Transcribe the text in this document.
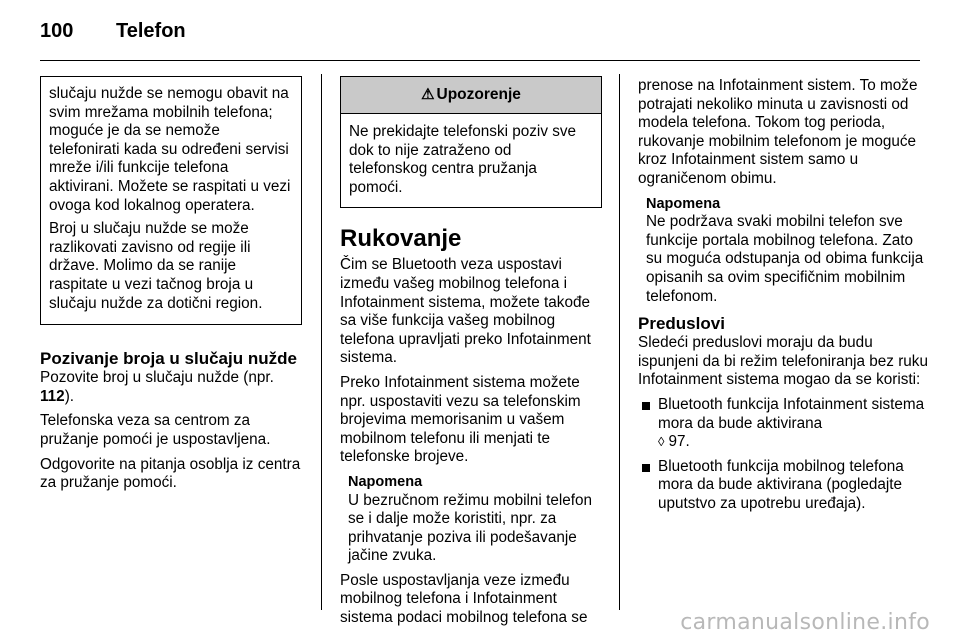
100 Telefon

slučaju nužde se nemogu obavit na svim mrežama mobilnih telefona; moguće je da se nemože telefonirati kada su određeni servisi mreže i/ili funkcije telefona aktivirani. Možete se raspitati u vezi ovoga kod lokalnog operatera.

Broj u slučaju nužde se može razlikovati zavisno od regije ili države. Molimo da se ranije raspitate u vezi tačnog broja u slučaju nužde za dotični region.

Pozivanje broja u slučaju nužde

Pozovite broj u slučaju nužde (npr. 112).

Telefonska veza sa centrom za pružanje pomoći je uspostavljena.

Odgovorite na pitanja osoblja iz centra za pružanje pomoći.

⚠ Upozorenje
Ne prekidajte telefonski poziv sve dok to nije zatraženo od telefonskog centra pružanja pomoći.
Rukovanje

Čim se Bluetooth veza uspostavi između vašeg mobilnog telefona i Infotainment sistema, možete takođe sa više funkcija vašeg mobilnog telefona upravljati preko Infotainment sistema.

Preko Infotainment sistema možete npr. uspostaviti vezu sa telefonskim brojevima memorisanim u vašem mobilnom telefonu ili menjati te telefonske brojeve.

Napomena
U bezručnom režimu mobilni telefon se i dalje može koristiti, npr. za prihvatanje poziva ili podešavanje jačine zvuka.

Posle uspostavljanja veze između mobilnog telefona i Infotainment sistema podaci mobilnog telefona se

prenose na Infotainment sistem. To može potrajati nekoliko minuta u zavisnosti od modela telefona. Tokom tog perioda, rukovanje mobilnim telefonom je moguće kroz Infotainment sistem samo u ograničenom obimu.

Napomena
Ne podržava svaki mobilni telefon sve funkcije portala mobilnog telefona. Zato su moguća odstupanja od obima funkcija opisanih sa ovim specifičnim mobilnim telefonom.
Preduslovi

Sledeći preduslovi moraju da budu ispunjeni da bi režim telefoniranja bez ruku Infotainment sistema mogao da se koristi:

Bluetooth funkcija Infotainment sistema mora da bude aktivirana
◊ 97.
Bluetooth funkcija mobilnog telefona mora da bude aktivirana (pogledajte uputstvo za upotrebu uređaja).
carmanualsonline.info
